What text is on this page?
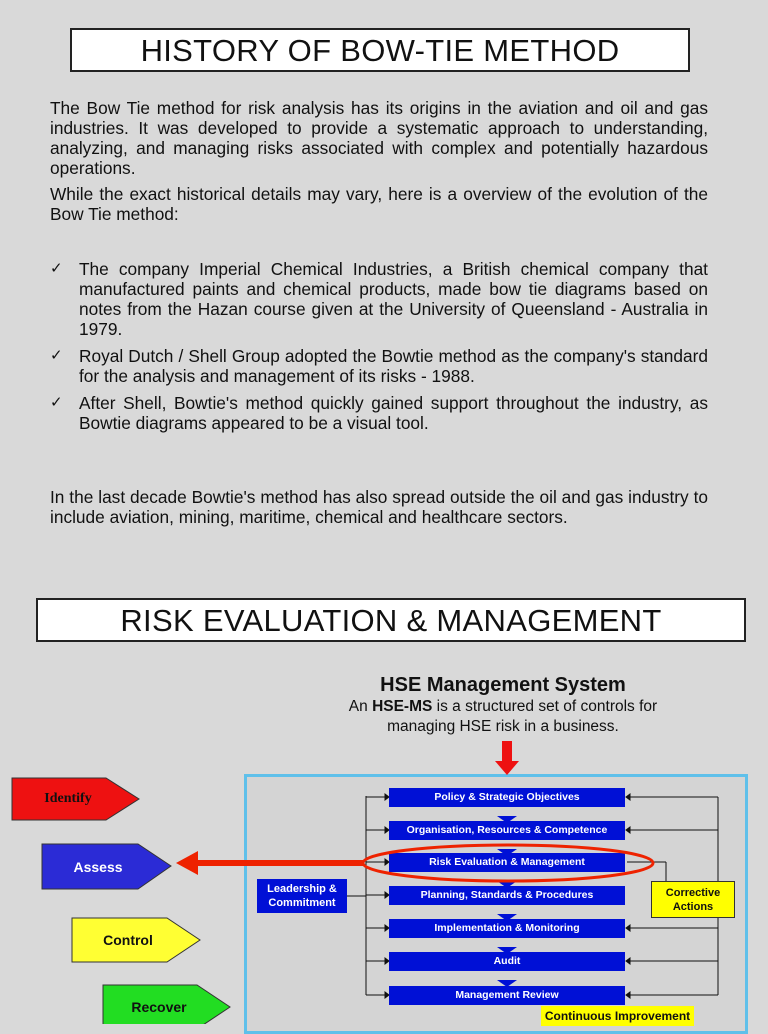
HISTORY OF BOW-TIE METHOD

The Bow Tie method for risk analysis has its origins in the aviation and oil and gas industries. It was developed to provide a systematic approach to understanding, analyzing, and managing risks associated with complex and potentially hazardous operations.

While the exact historical details may vary, here is a overview of the evolution of the Bow Tie method:

✓ The company Imperial Chemical Industries, a British chemical company that manufactured paints and chemical products, made bow tie diagrams based on notes from the Hazan course given at the University of Queensland - Australia in 1979.
✓ Royal Dutch / Shell Group adopted the Bowtie method as the company's standard for the analysis and management of its risks - 1988.
✓ After Shell, Bowtie's method quickly gained support throughout the industry, as Bowtie diagrams appeared to be a visual tool.

In the last decade Bowtie's method has also spread outside the oil and gas industry to include aviation, mining, maritime, chemical and healthcare sectors.

RISK EVALUATION & MANAGEMENT
HSE Management System
An HSE-MS is a structured set of controls for
managing HSE risk in a business.
Identify
Assess
Control
Recover
Policy & Strategic Objectives
Organisation, Resources & Competence
Risk Evaluation & Management
Planning, Standards & Procedures
Implementation & Monitoring
Audit
Management Review
Leadership & Commitment
Corrective Actions
Continuous Improvement
